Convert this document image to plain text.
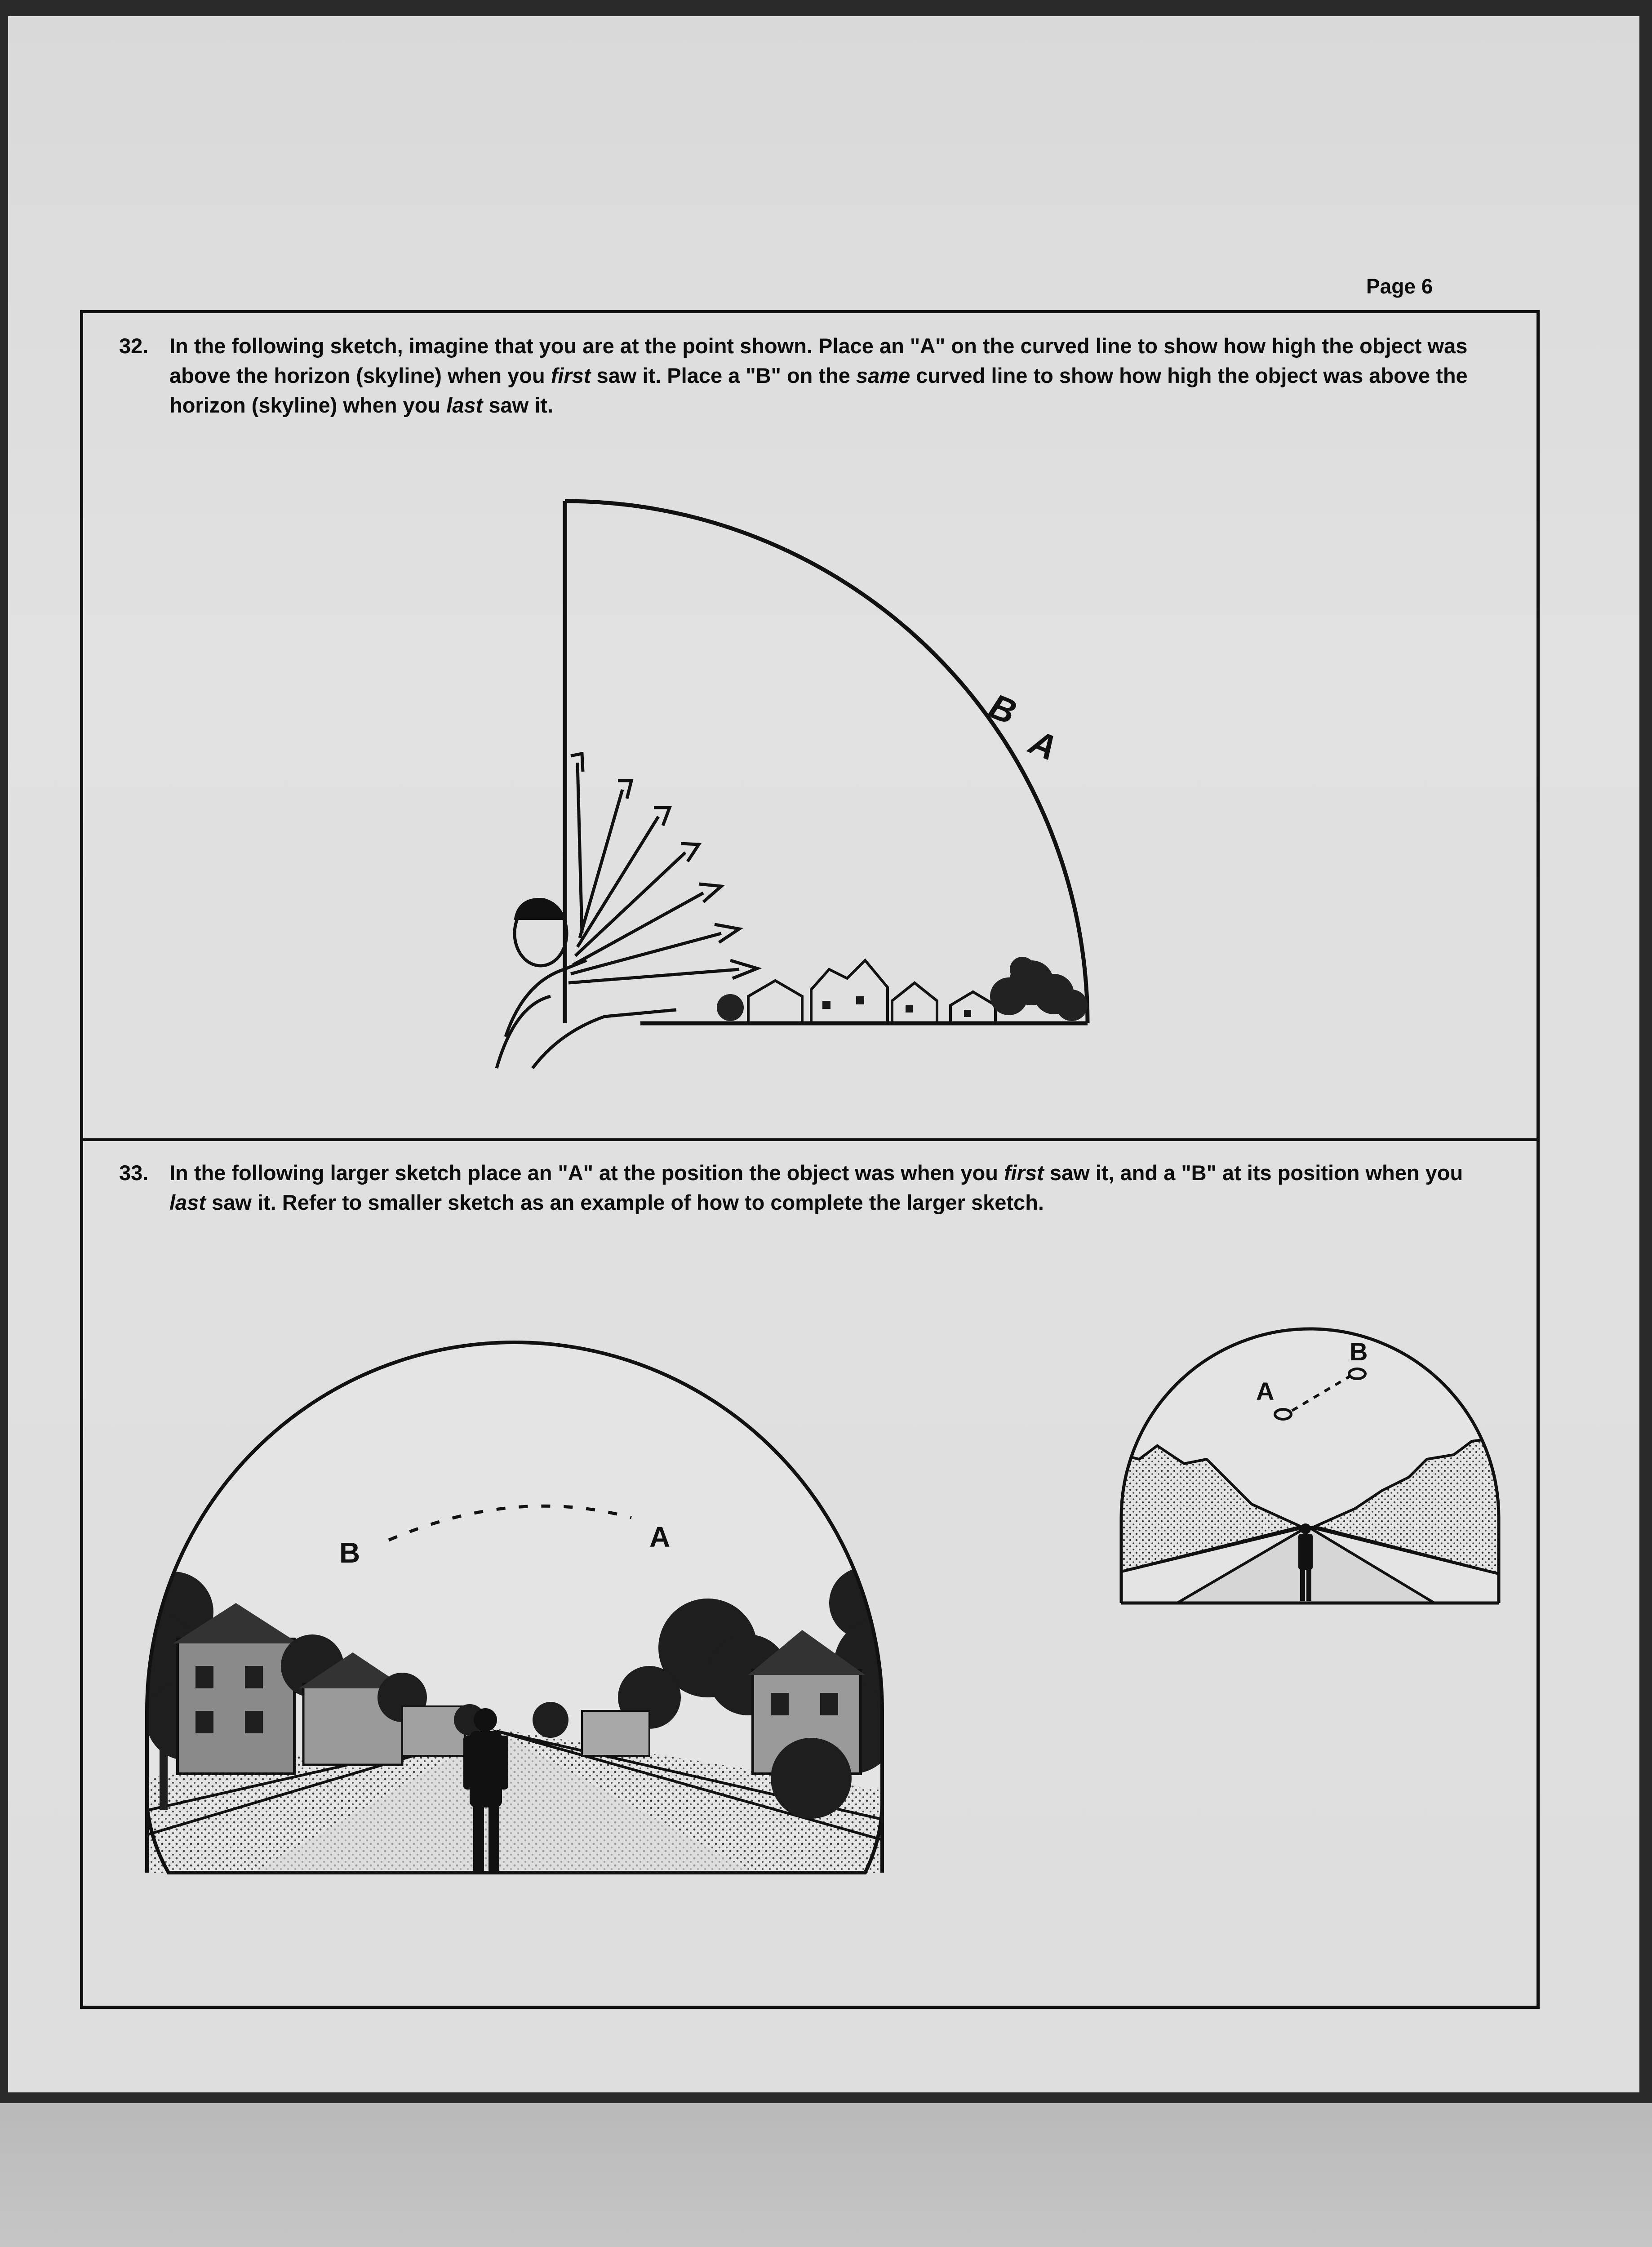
Page 6
32. In the following sketch, imagine that you are at the point shown. Place an "A" on the curved line to show how high the object was above the horizon (skyline) when you first saw it. Place a "B" on the same curved line to show how high the object was above the horizon (skyline) when you last saw it.
A
B
33. In the following larger sketch place an "A" at the position the object was when you first saw it, and a "B" at its position when you last saw it. Refer to smaller sketch as an example of how to complete the larger sketch.
B	A
A
B
